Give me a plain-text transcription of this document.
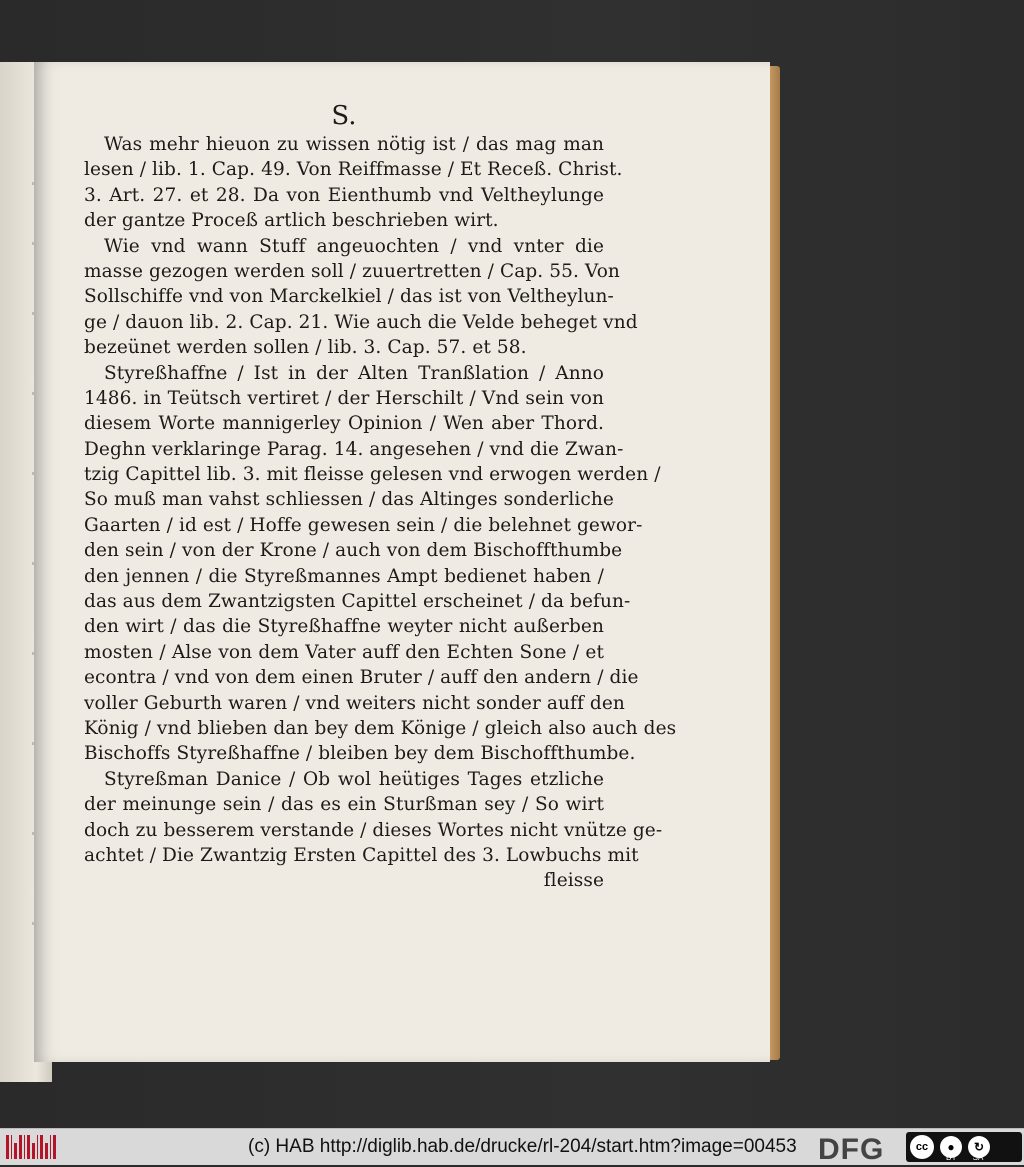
S.
Was mehr hieuon zu wissen nötig ist / das mag man
lesen / lib. 1. Cap. 49. Von Reiffmasse / Et Receß. Christ.
3. Art. 27. et 28. Da von Eienthumb vnd Veltheylunge
der gantze Proceß artlich beschrieben wirt.
Wie vnd wann Stuff angeuochten / vnd vnter die
masse gezogen werden soll / zuuertretten / Cap. 55. Von
Sollschiffe vnd von Marckelkiel / das ist von Veltheylun-
ge / dauon lib. 2. Cap. 21. Wie auch die Velde beheget vnd
bezeünet werden sollen / lib. 3. Cap. 57. et 58.
Styreßhaffne / Ist in der Alten Tranßlation / Anno
1486. in Teütsch vertiret / der Herschilt / Vnd sein von
diesem Worte mannigerley Opinion / Wen aber Thord.
Deghn verklaringe Parag. 14. angesehen / vnd die Zwan-
tzig Capittel lib. 3. mit fleisse gelesen vnd erwogen werden /
So muß man vahst schliessen / das Altinges sonderliche
Gaarten / id est / Hoffe gewesen sein / die belehnet gewor-
den sein / von der Krone / auch von dem Bischoffthumbe
den jennen / die Styreßmannes Ampt bedienet haben /
das aus dem Zwantzigsten Capittel erscheinet / da befun-
den wirt / das die Styreßhaffne weyter nicht außerben
mosten / Alse von dem Vater auff den Echten Sone / et
econtra / vnd von dem einen Bruter / auff den andern / die
voller Geburth waren / vnd weiters nicht sonder auff den
König / vnd blieben dan bey dem Könige / gleich also auch des
Bischoffs Styreßhaffne / bleiben bey dem Bischoffthumbe.
Styreßman Danice / Ob wol heütiges Tages etzliche
der meinunge sein / das es ein Sturßman sey / So wirt
doch zu besserem verstande / dieses Wortes nicht vnütze ge-
achtet / Die Zwantzig Ersten Capittel des 3. Lowbuchs mit
fleisse
(c) HAB http://diglib.hab.de/drucke/rl-204/start.htm?image=00453 DFG	cc	●	↻
BY SA
